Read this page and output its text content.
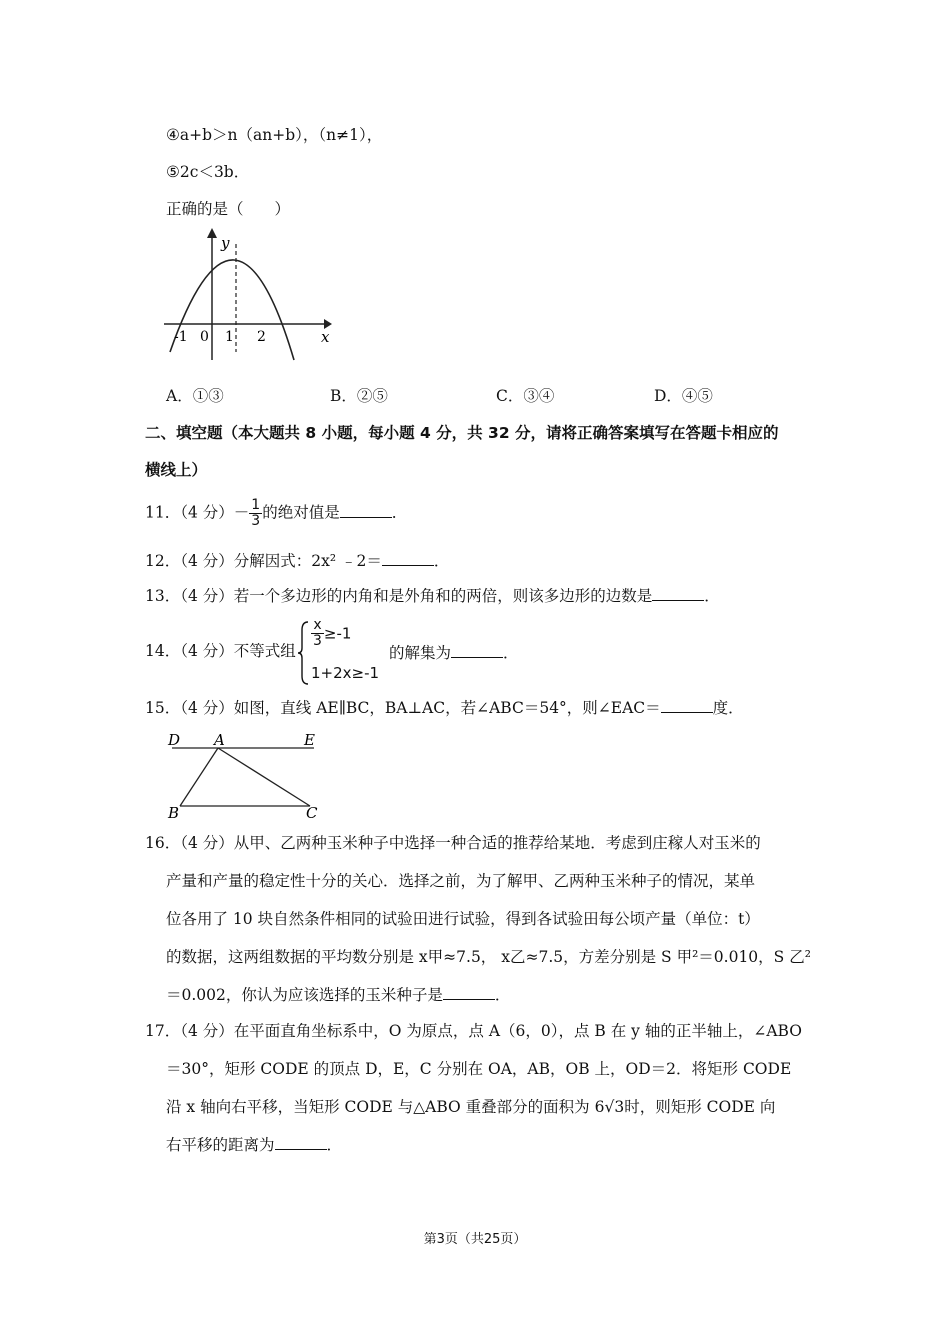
④a+b＞n（an+b），（n≠1），
⑤2c＜3b．
正确的是（　　）
y
x
-1 0 1 2
A．①③	B．②⑤	C．③④	D．④⑤
二、填空题（本大题共 8 小题，每小题 4 分，共 32 分，请将正确答案填写在答题卡相应的
横线上）
11．（4 分）－ $\frac{1}{3}$ 的绝对值是	．
12．（4 分）分解因式：2x² ﹣2＝	．
13．（4 分）若一个多边形的内角和是外角和的两倍，则该多边形的边数是	．
14．（4 分）不等式组
$\frac{x}{3} \ge-1$
1+2x≥-1
的解集为	．
15．（4 分）如图，直线 AE∥BC，BA⊥AC，若∠ABC＝54°，则∠EAC＝	度．
D A	E
B	C
16．（4 分）从甲、乙两种玉米种子中选择一种合适的推荐给某地．考虑到庄稼人对玉米的
产量和产量的稳定性十分的关心．选择之前，为了解甲、乙两种玉米种子的情况，某单
位各用了 10 块自然条件相同的试验田进行试验，得到各试验田每公顷产量（单位：t）
的数据，这两组数据的平均数分别是 x甲≈7.5， x乙≈7.5，方差分别是 S 甲²＝0.010，S 乙²
＝0.002，你认为应该选择的玉米种子是	．
17．（4 分）在平面直角坐标系中，O 为原点，点 A（6，0），点 B 在 y 轴的正半轴上，∠ABO
＝30°，矩形 CODE 的顶点 D，E，C 分别在 OA，AB，OB 上，OD＝2．将矩形 CODE
沿 x 轴向右平移，当矩形 CODE 与△ABO 重叠部分的面积为 6√3时，则矩形 CODE 向
右平移的距离为	．
第3页（共25页）
